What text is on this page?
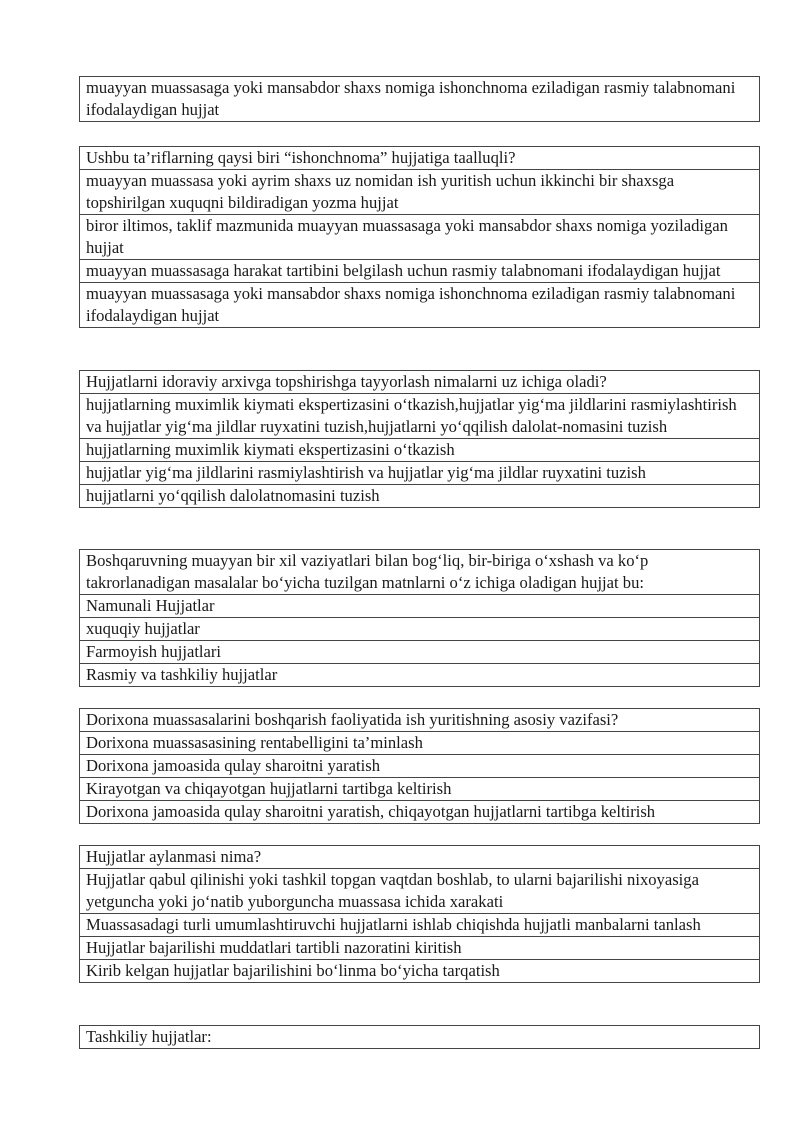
muayyan muassasaga yoki mansabdor shaxs nomiga ishonchnoma eziladigan rasmiy talabnomani ifodalaydigan hujjat
Ushbu ta’riflarning qaysi biri “ishonchnoma” hujjatiga taalluqli?
muayyan muassasa yoki ayrim shaxs uz nomidan ish yuritish uchun ikkinchi bir shaxsga topshirilgan xuquqni bildiradigan yozma hujjat
biror iltimos, taklif mazmunida muayyan muassasaga yoki mansabdor shaxs nomiga yoziladigan hujjat
muayyan muassasaga harakat tartibini belgilash uchun rasmiy talabnomani ifodalaydigan hujjat
muayyan muassasaga yoki mansabdor shaxs nomiga ishonchnoma eziladigan rasmiy talabnomani ifodalaydigan hujjat
Hujjatlarni idoraviy arxivga topshirishga tayyorlash nimalarni uz ichiga oladi?
hujjatlarning muximlik kiymati ekspertizasini o‘tkazish,hujjatlar yig‘ma jildlarini rasmiylashtirish va hujjatlar yig‘ma jildlar ruyxatini tuzish,hujjatlarni yo‘qqilish dalolat-nomasini tuzish
hujjatlarning muximlik kiymati ekspertizasini o‘tkazish
hujjatlar yig‘ma jildlarini rasmiylashtirish va hujjatlar yig‘ma jildlar ruyxatini tuzish
hujjatlarni yo‘qqilish dalolatnomasini tuzish
Boshqaruvning muayyan bir xil vaziyatlari bilan bog‘liq, bir-biriga o‘xshash va ko‘p takrorlanadigan masalalar bo‘yicha tuzilgan matnlarni o‘z ichiga oladigan hujjat bu:
Namunali Hujjatlar
xuquqiy hujjatlar
Farmoyish hujjatlari
Rasmiy va tashkiliy hujjatlar
Dorixona muassasalarini boshqarish faoliyatida ish yuritishning asosiy vazifasi?
Dorixona muassasasining rentabelligini ta’minlash
Dorixona jamoasida qulay sharoitni yaratish
Kirayotgan va chiqayotgan hujjatlarni tartibga keltirish
Dorixona jamoasida qulay sharoitni yaratish, chiqayotgan hujjatlarni tartibga keltirish
Hujjatlar aylanmasi nima?
Hujjatlar qabul qilinishi yoki tashkil topgan vaqtdan boshlab, to ularni bajarilishi nixoyasiga yetguncha yoki jo‘natib yuborguncha muassasa ichida xarakati
Muassasadagi turli umumlashtiruvchi hujjatlarni ishlab chiqishda hujjatli manbalarni tanlash
Hujjatlar bajarilishi muddatlari tartibli nazoratini kiritish
Kirib kelgan hujjatlar bajarilishini bo‘linma bo‘yicha tarqatish
Tashkiliy hujjatlar:
